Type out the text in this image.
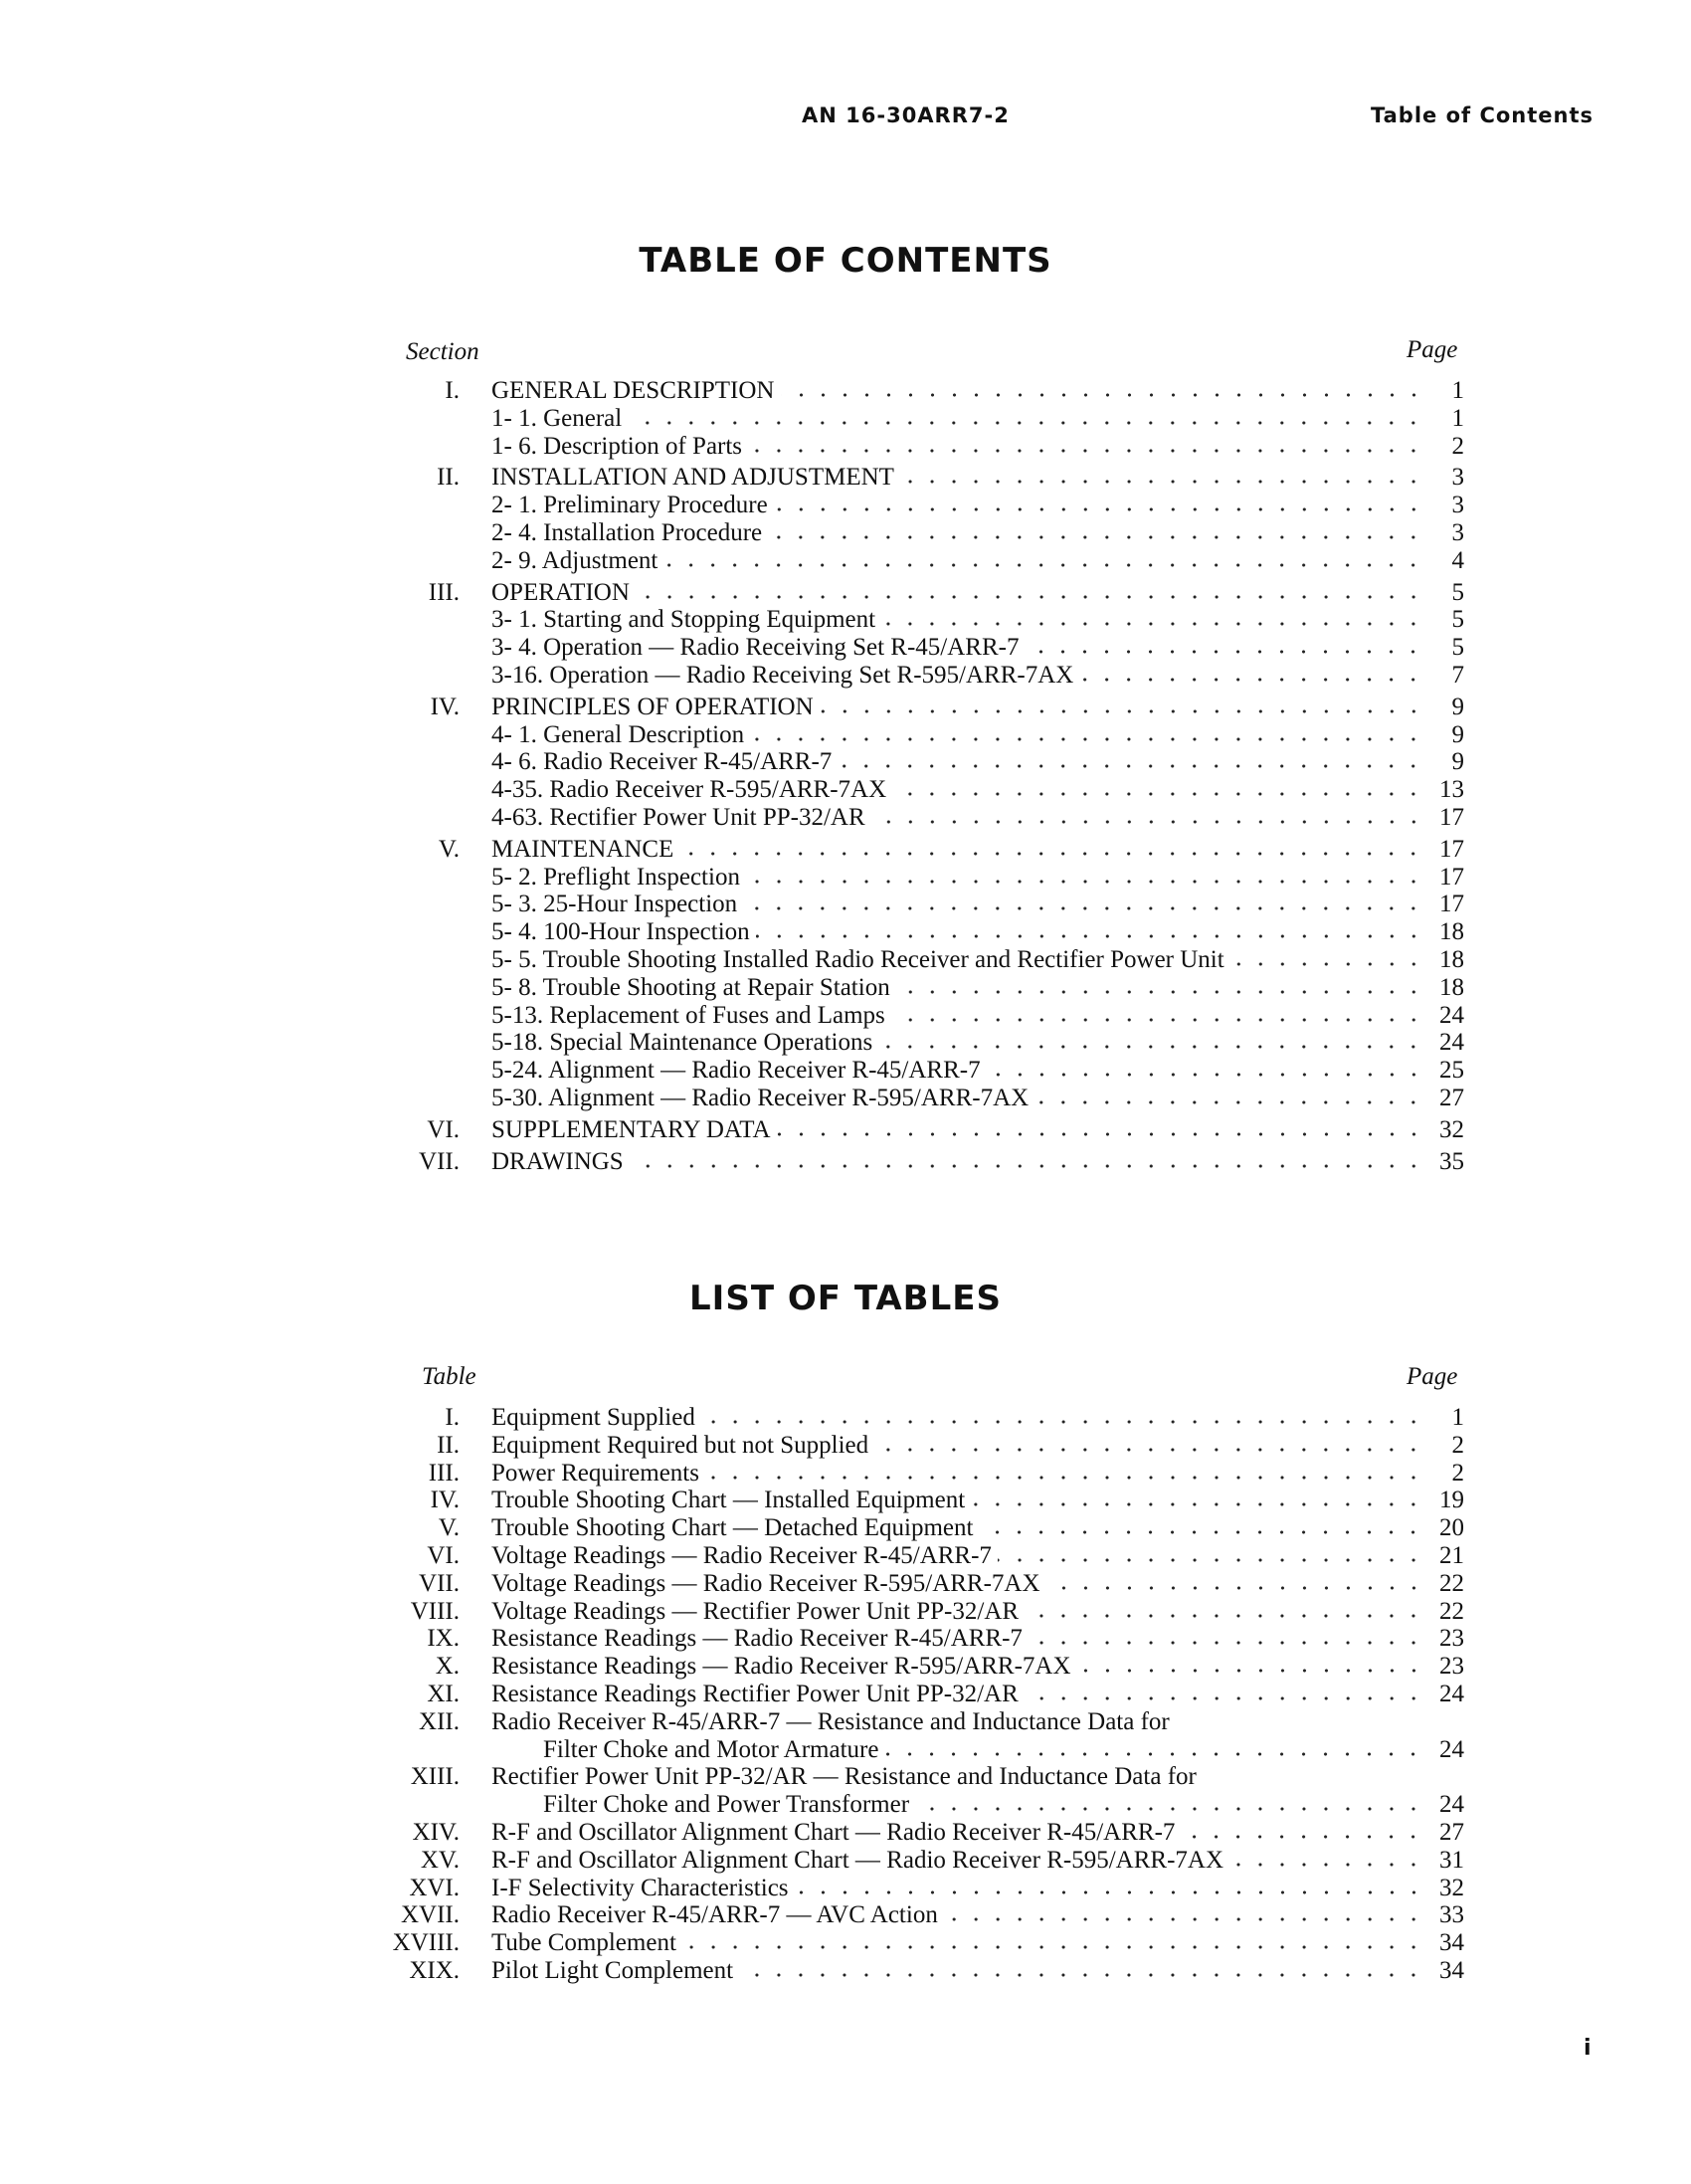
AN 16-30ARR7-2	Table of Contents
TABLE OF CONTENTS
Section	Page
I.	GENERAL DESCRIPTION	1
1- 1. General	1
1- 6. Description of Parts	2
II.	INSTALLATION AND ADJUSTMENT	3
2- 1. Preliminary Procedure	3
2- 4. Installation Procedure	3
2- 9. Adjustment	4
III.	OPERATION	5
3- 1. Starting and Stopping Equipment	5
3- 4. Operation — Radio Receiving Set R-45/ARR-7	5
3-16. Operation — Radio Receiving Set R-595/ARR-7AX	7
IV.	PRINCIPLES OF OPERATION	9
4- 1. General Description	9
4- 6. Radio Receiver R-45/ARR-7	9
4-35. Radio Receiver R-595/ARR-7AX	13
4-63. Rectifier Power Unit PP-32/AR	17
V.	MAINTENANCE	17
5- 2. Preflight Inspection	17
5- 3. 25-Hour Inspection	17
5- 4. 100-Hour Inspection	18
5- 5. Trouble Shooting Installed Radio Receiver and Rectifier Power Unit	18
5- 8. Trouble Shooting at Repair Station	18
5-13. Replacement of Fuses and Lamps	24
5-18. Special Maintenance Operations	24
5-24. Alignment — Radio Receiver R-45/ARR-7	25
5-30. Alignment — Radio Receiver R-595/ARR-7AX	27
VI.	SUPPLEMENTARY DATA	32
VII.	DRAWINGS	35
LIST OF TABLES
Table	Page
I.	Equipment Supplied	1
II.	Equipment Required but not Supplied	2
III.	Power Requirements	2
IV.	Trouble Shooting Chart — Installed Equipment	19
V.	Trouble Shooting Chart — Detached Equipment	20
VI.	Voltage Readings — Radio Receiver R-45/ARR-7	21
VII.	Voltage Readings — Radio Receiver R-595/ARR-7AX	22
VIII.	Voltage Readings — Rectifier Power Unit PP-32/AR	22
IX.	Resistance Readings — Radio Receiver R-45/ARR-7	23
X.	Resistance Readings — Radio Receiver R-595/ARR-7AX	23
XI.	Resistance Readings Rectifier Power Unit PP-32/AR	24
XII.	Radio Receiver R-45/ARR-7 — Resistance and Inductance Data for
Filter Choke and Motor Armature	24
XIII.	Rectifier Power Unit PP-32/AR — Resistance and Inductance Data for
Filter Choke and Power Transformer	24
XIV.	R-F and Oscillator Alignment Chart — Radio Receiver R-45/ARR-7	27
XV.	R-F and Oscillator Alignment Chart — Radio Receiver R-595/ARR-7AX	31
XVI.	I-F Selectivity Characteristics	32
XVII.	Radio Receiver R-45/ARR-7 — AVC Action	33
XVIII.	Tube Complement	34
XIX.	Pilot Light Complement	34
i
